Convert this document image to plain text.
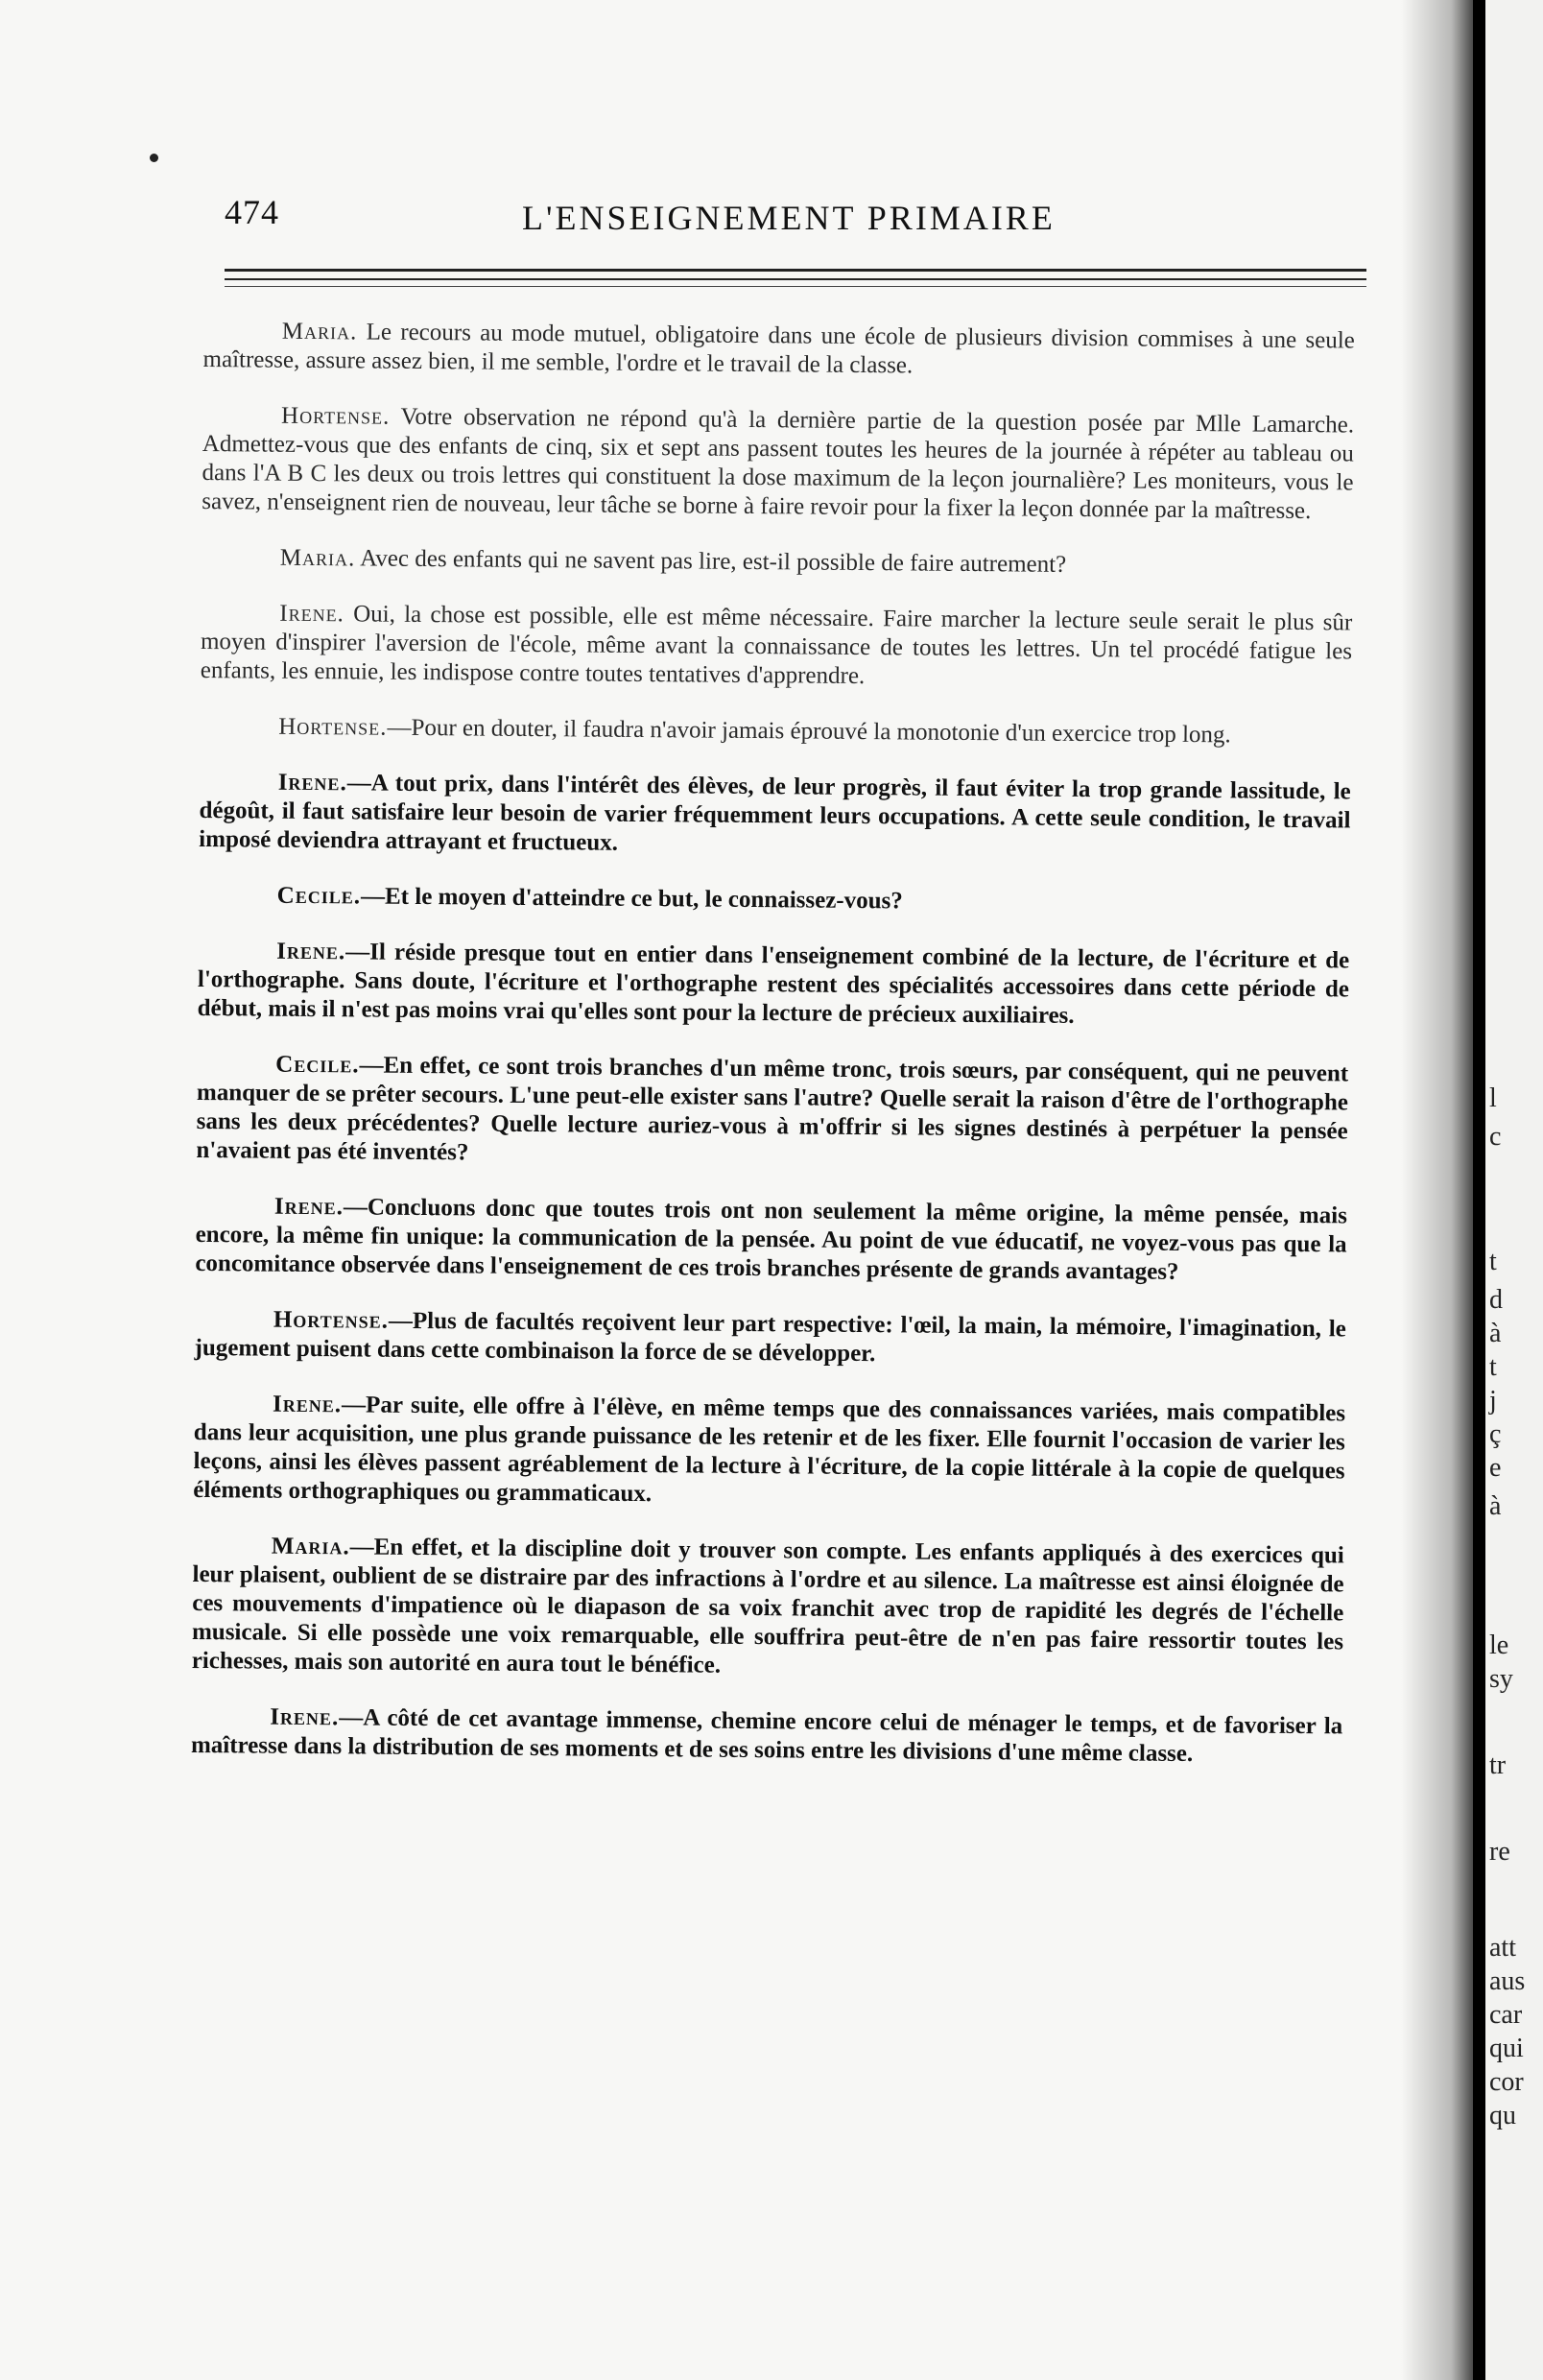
474	L'ENSEIGNEMENT PRIMAIRE

Maria. Le recours au mode mutuel, obligatoire dans une école de plusieurs division commises à une seule maîtresse, assure assez bien, il me semble, l'ordre et le travail de la classe.

Hortense. Votre observation ne répond qu'à la dernière partie de la question posée par Mlle Lamarche. Admettez-vous que des enfants de cinq, six et sept ans passent toutes les heures de la journée à répéter au tableau ou dans l'A B C les deux ou trois lettres qui constituent la dose maximum de la leçon journalière? Les moniteurs, vous le savez, n'enseignent rien de nouveau, leur tâche se borne à faire revoir pour la fixer la leçon donnée par la maîtresse.

Maria. Avec des enfants qui ne savent pas lire, est-il possible de faire autrement?

Irene. Oui, la chose est possible, elle est même nécessaire. Faire marcher la lecture seule serait le plus sûr moyen d'inspirer l'aversion de l'école, même avant la connaissance de toutes les lettres. Un tel procédé fatigue les enfants, les ennuie, les indispose contre toutes tentatives d'apprendre.

Hortense.—Pour en douter, il faudra n'avoir jamais éprouvé la monotonie d'un exercice trop long.

Irene.—A tout prix, dans l'intérêt des élèves, de leur progrès, il faut éviter la trop grande lassitude, le dégoût, il faut satisfaire leur besoin de varier fréquemment leurs occupations. A cette seule condition, le travail imposé deviendra attrayant et fructueux.

Cecile.—Et le moyen d'atteindre ce but, le connaissez-vous?

Irene.—Il réside presque tout en entier dans l'enseignement combiné de la lecture, de l'écriture et de l'orthographe. Sans doute, l'écriture et l'orthographe restent des spécialités accessoires dans cette période de début, mais il n'est pas moins vrai qu'elles sont pour la lecture de précieux auxiliaires.

Cecile.—En effet, ce sont trois branches d'un même tronc, trois sœurs, par conséquent, qui ne peuvent manquer de se prêter secours. L'une peut-elle exister sans l'autre? Quelle serait la raison d'être de l'orthographe sans les deux précédentes? Quelle lecture auriez-vous à m'offrir si les signes destinés à perpétuer la pensée n'avaient pas été inventés?

Irene.—Concluons donc que toutes trois ont non seulement la même origine, la même pensée, mais encore, la même fin unique: la communication de la pensée. Au point de vue éducatif, ne voyez-vous pas que la concomitance observée dans l'enseignement de ces trois branches présente de grands avantages?

Hortense.—Plus de facultés reçoivent leur part respective: l'œil, la main, la mémoire, l'imagination, le jugement puisent dans cette combinaison la force de se développer.

Irene.—Par suite, elle offre à l'élève, en même temps que des connaissances variées, mais compatibles dans leur acquisition, une plus grande puissance de les retenir et de les fixer. Elle fournit l'occasion de varier les leçons, ainsi les élèves passent agréablement de la lecture à l'écriture, de la copie littérale à la copie de quelques éléments orthographiques ou grammaticaux.

Maria.—En effet, et la discipline doit y trouver son compte. Les enfants appliqués à des exercices qui leur plaisent, oublient de se distraire par des infractions à l'ordre et au silence. La maîtresse est ainsi éloignée de ces mouvements d'impatience où le diapason de sa voix franchit avec trop de rapidité les degrés de l'échelle musicale. Si elle possède une voix remarquable, elle souffrira peut-être de n'en pas faire ressortir toutes les richesses, mais son autorité en aura tout le bénéfice.

Irene.—A côté de cet avantage immense, chemine encore celui de ménager le temps, et de favoriser la maîtresse dans la distribution de ses moments et de ses soins entre les divisions d'une même classe.

l
c
t
d
à
t
j
ç
e
à
le
sy
tr
re
att
aus
car
qui
cor
qu
